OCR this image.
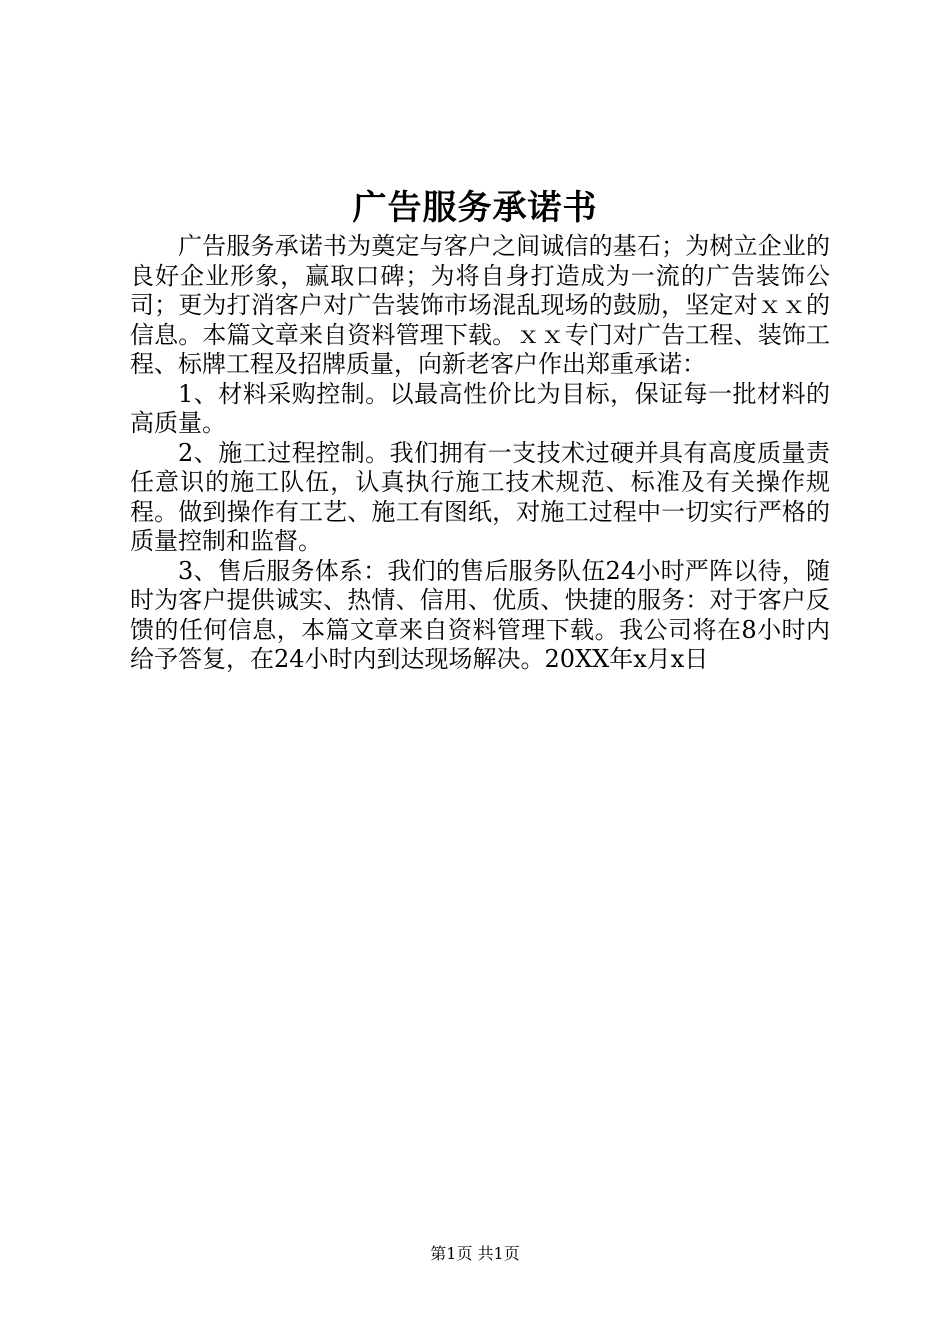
广告服务承诺书

广告服务承诺书为奠定与客户之间诚信的基石；为树立企业的良好企业形象，赢取口碑；为将自身打造成为一流的广告装饰公司；更为打消客户对广告装饰市场混乱现场的鼓励，坚定对ｘｘ的信息。本篇文章来自资料管理下载。ｘｘ专门对广告工程、装饰工程、标牌工程及招牌质量，向新老客户作出郑重承诺：

1、材料采购控制。以最高性价比为目标，保证每一批材料的高质量。

2、施工过程控制。我们拥有一支技术过硬并具有高度质量责任意识的施工队伍，认真执行施工技术规范、标准及有关操作规程。做到操作有工艺、施工有图纸，对施工过程中一切实行严格的质量控制和监督。

3、售后服务体系：我们的售后服务队伍24小时严阵以待，随时为客户提供诚实、热情、信用、优质、快捷的服务：对于客户反馈的任何信息，本篇文章来自资料管理下载。我公司将在8小时内给予答复，在24小时内到达现场解决。20XX年x月x日

第1页 共1页
